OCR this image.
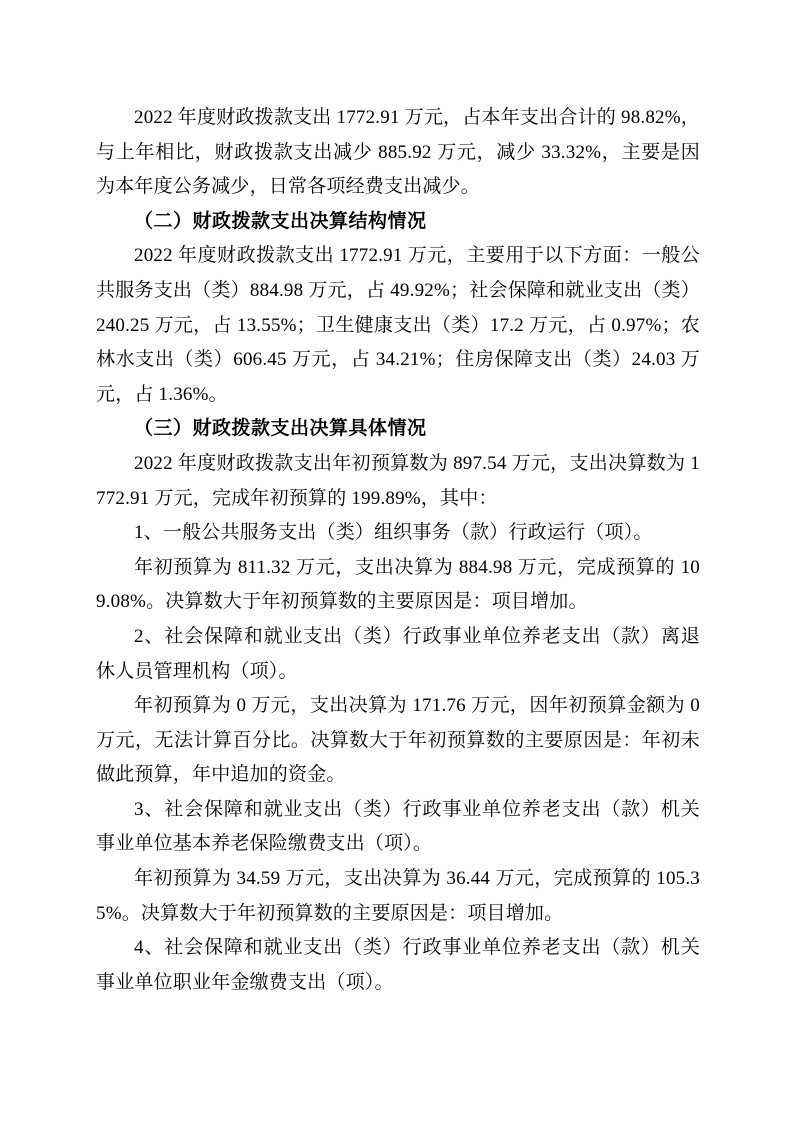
2022 年度财政拨款支出 1772.91 万元，占本年支出合计的 98.82%，与上年相比，财政拨款支出减少 885.92 万元，减少 33.32%，主要是因为本年度公务减少，日常各项经费支出减少。

（二）财政拨款支出决算结构情况

2022 年度财政拨款支出 1772.91 万元，主要用于以下方面：一般公共服务支出（类）884.98 万元，占 49.92%；社会保障和就业支出（类）240.25 万元，占 13.55%；卫生健康支出（类）17.2 万元，占 0.97%；农林水支出（类）606.45 万元，占 34.21%；住房保障支出（类）24.03 万元，占 1.36%。

（三）财政拨款支出决算具体情况

2022 年度财政拨款支出年初预算数为 897.54 万元，支出决算数为 1772.91 万元，完成年初预算的 199.89%，其中：

1、一般公共服务支出（类）组织事务（款）行政运行（项）。

年初预算为 811.32 万元，支出决算为 884.98 万元，完成预算的 109.08%。决算数大于年初预算数的主要原因是：项目增加。

2、社会保障和就业支出（类）行政事业单位养老支出（款）离退休人员管理机构（项）。

年初预算为 0 万元，支出决算为 171.76 万元，因年初预算金额为 0 万元，无法计算百分比。决算数大于年初预算数的主要原因是：年初未做此预算，年中追加的资金。

3、社会保障和就业支出（类）行政事业单位养老支出（款）机关事业单位基本养老保险缴费支出（项）。

年初预算为 34.59 万元，支出决算为 36.44 万元，完成预算的 105.35%。决算数大于年初预算数的主要原因是：项目增加。

4、社会保障和就业支出（类）行政事业单位养老支出（款）机关事业单位职业年金缴费支出（项）。
